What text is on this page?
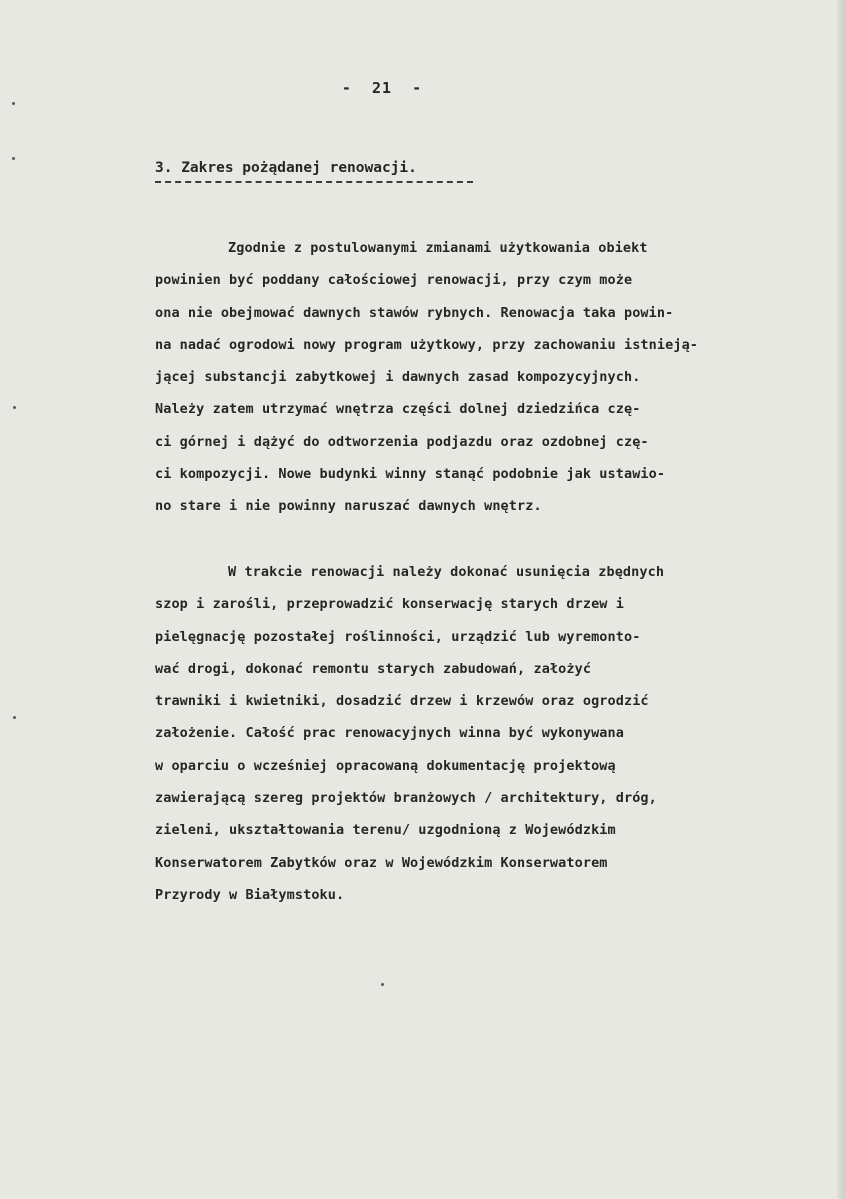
-  21  -
3. Zakres pożądanej renowacji.
Zgodnie z postulowanymi zmianami użytkowania obiekt
powinien być poddany całościowej renowacji, przy czym może
ona nie obejmować dawnych stawów rybnych. Renowacja taka powin-
na nadać ogrodowi nowy program użytkowy, przy zachowaniu istnieją-
jącej substancji zabytkowej i dawnych zasad kompozycyjnych.
Należy zatem utrzymać wnętrza części dolnej dziedzińca czę-
ci górnej i dążyć do odtworzenia podjazdu oraz ozdobnej czę-
ci kompozycji. Nowe budynki winny stanąć podobnie jak ustawio-
no stare i nie powinny naruszać dawnych wnętrz.
W trakcie renowacji należy dokonać usunięcia zbędnych
szop i zarośli, przeprowadzić konserwację starych drzew i
pielęgnację pozostałej roślinności, urządzić lub wyremonto-
wać drogi, dokonać remontu starych zabudowań, założyć
trawniki i kwietniki, dosadzić drzew i krzewów oraz ogrodzić
założenie. Całość prac renowacyjnych winna być wykonywana
w oparciu o wcześniej opracowaną dokumentację projektową
zawierającą szereg projektów branżowych / architektury, dróg,
zieleni, ukształtowania terenu/ uzgodnioną z Wojewódzkim
Konserwatorem Zabytków oraz w Wojewódzkim Konserwatorem
Przyrody w Białymstoku.
